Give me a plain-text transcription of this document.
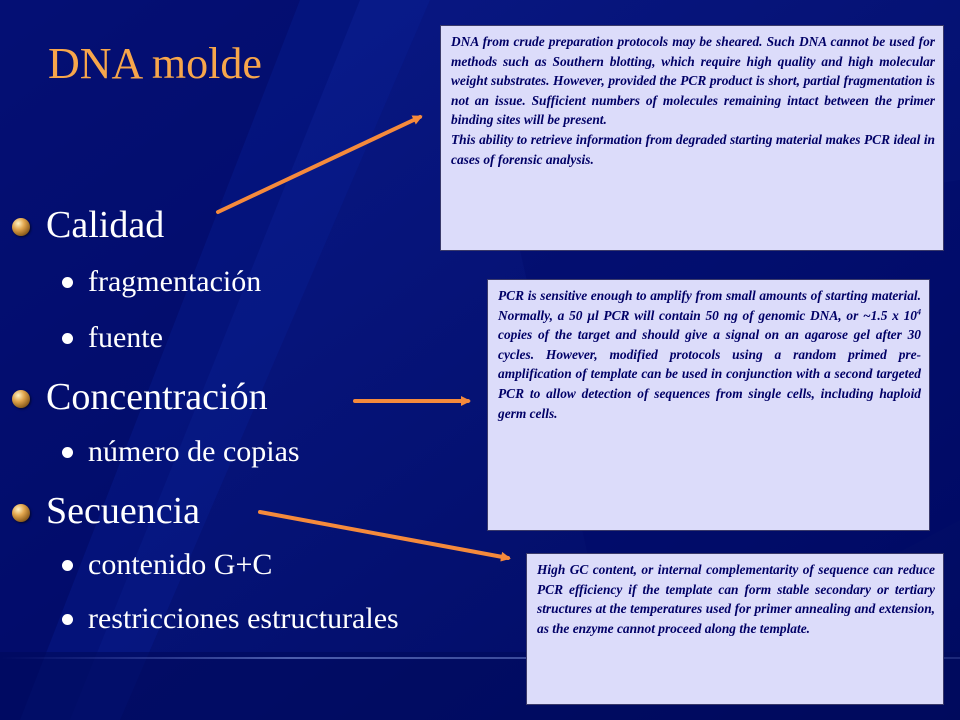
DNA molde
Calidad
fragmentación
fuente
Concentración
número de copias
Secuencia
contenido G+C
restricciones estructurales

DNA from crude preparation protocols may be sheared. Such DNA cannot be used for methods such as Southern blotting, which require high quality and high molecular weight substrates. However, provided the PCR product is short, partial fragmentation is not an issue. Sufficient numbers of molecules remaining intact between the primer binding sites will be present.

This ability to retrieve information from degraded starting material makes PCR ideal in cases of forensic analysis.

PCR is sensitive enough to amplify from small amounts of starting material. Normally, a 50 µl PCR will contain 50 ng of genomic DNA, or ~1.5 x $10^4$ copies of the target and should give a signal on an agarose gel after 30 cycles. However, modified protocols using a random primed pre-amplification of template can be used in conjunction with a second targeted PCR to allow detection of sequences from single cells, including haploid germ cells.

High GC content, or internal complementarity of sequence can reduce PCR efficiency if the template can form stable secondary or tertiary structures at the temperatures used for primer annealing and extension, as the enzyme cannot proceed along the template.
